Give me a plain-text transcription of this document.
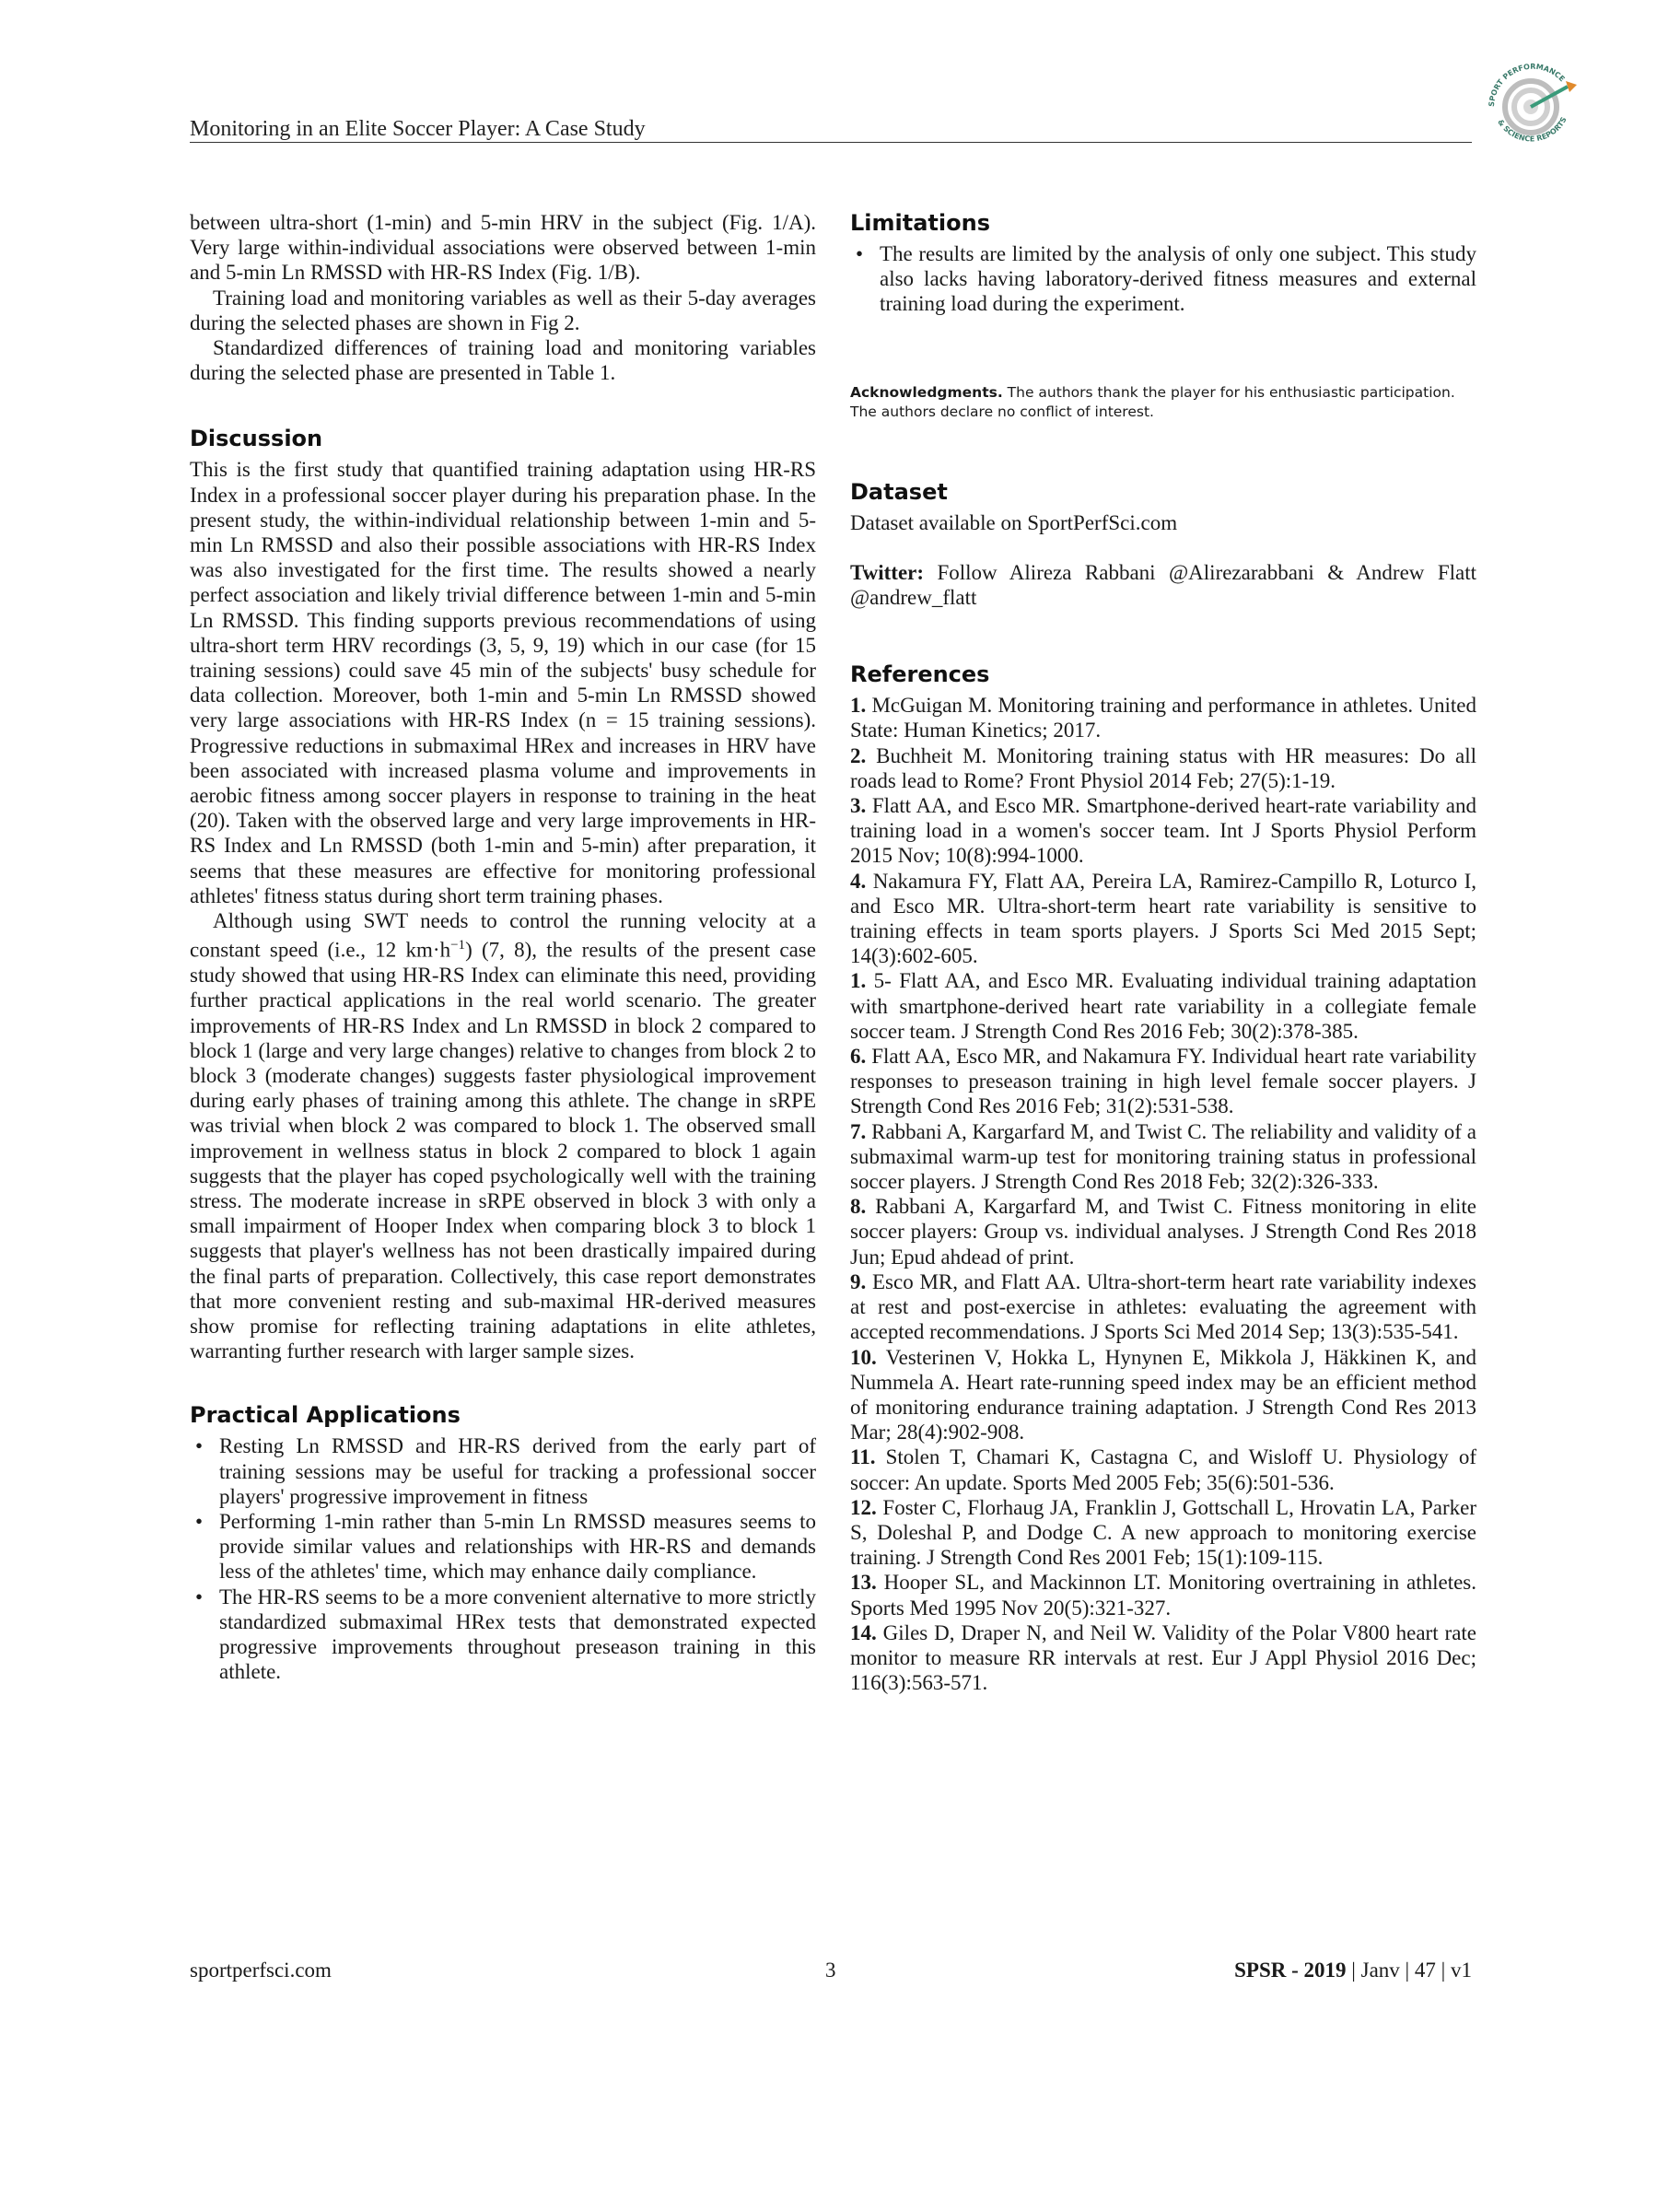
Monitoring in an Elite Soccer Player: A Case Study
SPORT PERFORMANCE
& SCIENCE REPORTS

between ultra-short (1-min) and 5-min HRV in the subject (Fig. 1/A). Very large within-individual associations were observed between 1-min and 5-min Ln RMSSD with HR-RS Index (Fig. 1/B).

Training load and monitoring variables as well as their 5-day averages during the selected phases are shown in Fig 2.

Standardized differences of training load and monitoring variables during the selected phase are presented in Table 1.

Discussion

This is the first study that quantified training adaptation using HR-RS Index in a professional soccer player during his preparation phase. In the present study, the within-individual relationship between 1-min and 5-min Ln RMSSD and also their possible associations with HR-RS Index was also investigated for the first time. The results showed a nearly perfect association and likely trivial difference between 1-min and 5-min Ln RMSSD. This finding supports previous recommendations of using ultra-short term HRV recordings (3, 5, 9, 19) which in our case (for 15 training sessions) could save 45 min of the subjects' busy schedule for data collection. Moreover, both 1-min and 5-min Ln RMSSD showed very large associations with HR-RS Index (n = 15 training sessions). Progressive reductions in submaximal HRex and increases in HRV have been associated with increased plasma volume and improvements in aerobic fitness among soccer players in response to training in the heat (20). Taken with the observed large and very large improvements in HR-RS Index and Ln RMSSD (both 1-min and 5-min) after preparation, it seems that these measures are effective for monitoring professional athletes' fitness status during short term training phases.

Although using SWT needs to control the running velocity at a constant speed (i.e., 12 $km\cdot h^{-1}$) (7, 8), the results of the present case study showed that using HR-RS Index can eliminate this need, providing further practical applications in the real world scenario. The greater improvements of HR-RS Index and Ln RMSSD in block 2 compared to block 1 (large and very large changes) relative to changes from block 2 to block 3 (moderate changes) suggests faster physiological improvement during early phases of training among this athlete. The change in sRPE was trivial when block 2 was compared to block 1. The observed small improvement in wellness status in block 2 compared to block 1 again suggests that the player has coped psychologically well with the training stress. The moderate increase in sRPE observed in block 3 with only a small impairment of Hooper Index when comparing block 3 to block 1 suggests that player's wellness has not been drastically impaired during the final parts of preparation. Collectively, this case report demonstrates that more convenient resting and sub-maximal HR-derived measures show promise for reflecting training adaptations in elite athletes, warranting further research with larger sample sizes.

Practical Applications
• Resting Ln RMSSD and HR-RS derived from the early part of training sessions may be useful for tracking a professional soccer players' progressive improvement in fitness
• Performing 1-min rather than 5-min Ln RMSSD measures seems to provide similar values and relationships with HR-RS and demands less of the athletes' time, which may enhance daily compliance.
• The HR-RS seems to be a more convenient alternative to more strictly standardized submaximal HRex tests that demonstrated expected progressive improvements throughout preseason training in this athlete.
Limitations
• The results are limited by the analysis of only one subject. This study also lacks having laboratory-derived fitness measures and external training load during the experiment.

Acknowledgments. The authors thank the player for his enthusiastic participation. The authors declare no conflict of interest.

Dataset

Dataset available on SportPerfSci.com

Twitter: Follow Alireza Rabbani @Alirezarabbani & Andrew Flatt @andrew_flatt

References

1. McGuigan M. Monitoring training and performance in athletes. United State: Human Kinetics; 2017.

2. Buchheit M. Monitoring training status with HR measures: Do all roads lead to Rome? Front Physiol 2014 Feb; 27(5):1-19.

3. Flatt AA, and Esco MR. Smartphone-derived heart-rate variability and training load in a women's soccer team. Int J Sports Physiol Perform 2015 Nov; 10(8):994-1000.

4. Nakamura FY, Flatt AA, Pereira LA, Ramirez-Campillo R, Loturco I, and Esco MR. Ultra-short-term heart rate variability is sensitive to training effects in team sports players. J Sports Sci Med 2015 Sept; 14(3):602-605.

1. 5- Flatt AA, and Esco MR. Evaluating individual training adaptation with smartphone-derived heart rate variability in a collegiate female soccer team. J Strength Cond Res 2016 Feb; 30(2):378-385.

6. Flatt AA, Esco MR, and Nakamura FY. Individual heart rate variability responses to preseason training in high level female soccer players. J Strength Cond Res 2016 Feb; 31(2):531-538.

7. Rabbani A, Kargarfard M, and Twist C. The reliability and validity of a submaximal warm-up test for monitoring training status in professional soccer players. J Strength Cond Res 2018 Feb; 32(2):326-333.

8. Rabbani A, Kargarfard M, and Twist C. Fitness monitoring in elite soccer players: Group vs. individual analyses. J Strength Cond Res 2018 Jun; Epud ahdead of print.

9. Esco MR, and Flatt AA. Ultra-short-term heart rate variability indexes at rest and post-exercise in athletes: evaluating the agreement with accepted recommendations. J Sports Sci Med 2014 Sep; 13(3):535-541.

10. Vesterinen V, Hokka L, Hynynen E, Mikkola J, Häkkinen K, and Nummela A. Heart rate-running speed index may be an efficient method of monitoring endurance training adaptation. J Strength Cond Res 2013 Mar; 28(4):902-908.

11. Stolen T, Chamari K, Castagna C, and Wisloff U. Physiology of soccer: An update. Sports Med 2005 Feb; 35(6):501-536.

12. Foster C, Florhaug JA, Franklin J, Gottschall L, Hrovatin LA, Parker S, Doleshal P, and Dodge C. A new approach to monitoring exercise training. J Strength Cond Res 2001 Feb; 15(1):109-115.

13. Hooper SL, and Mackinnon LT. Monitoring overtraining in athletes. Sports Med 1995 Nov 20(5):321-327.

14. Giles D, Draper N, and Neil W. Validity of the Polar V800 heart rate monitor to measure RR intervals at rest. Eur J Appl Physiol 2016 Dec; 116(3):563-571.

sportperfsci.com	3	SPSR - 2019 | Janv | 47 | v1
